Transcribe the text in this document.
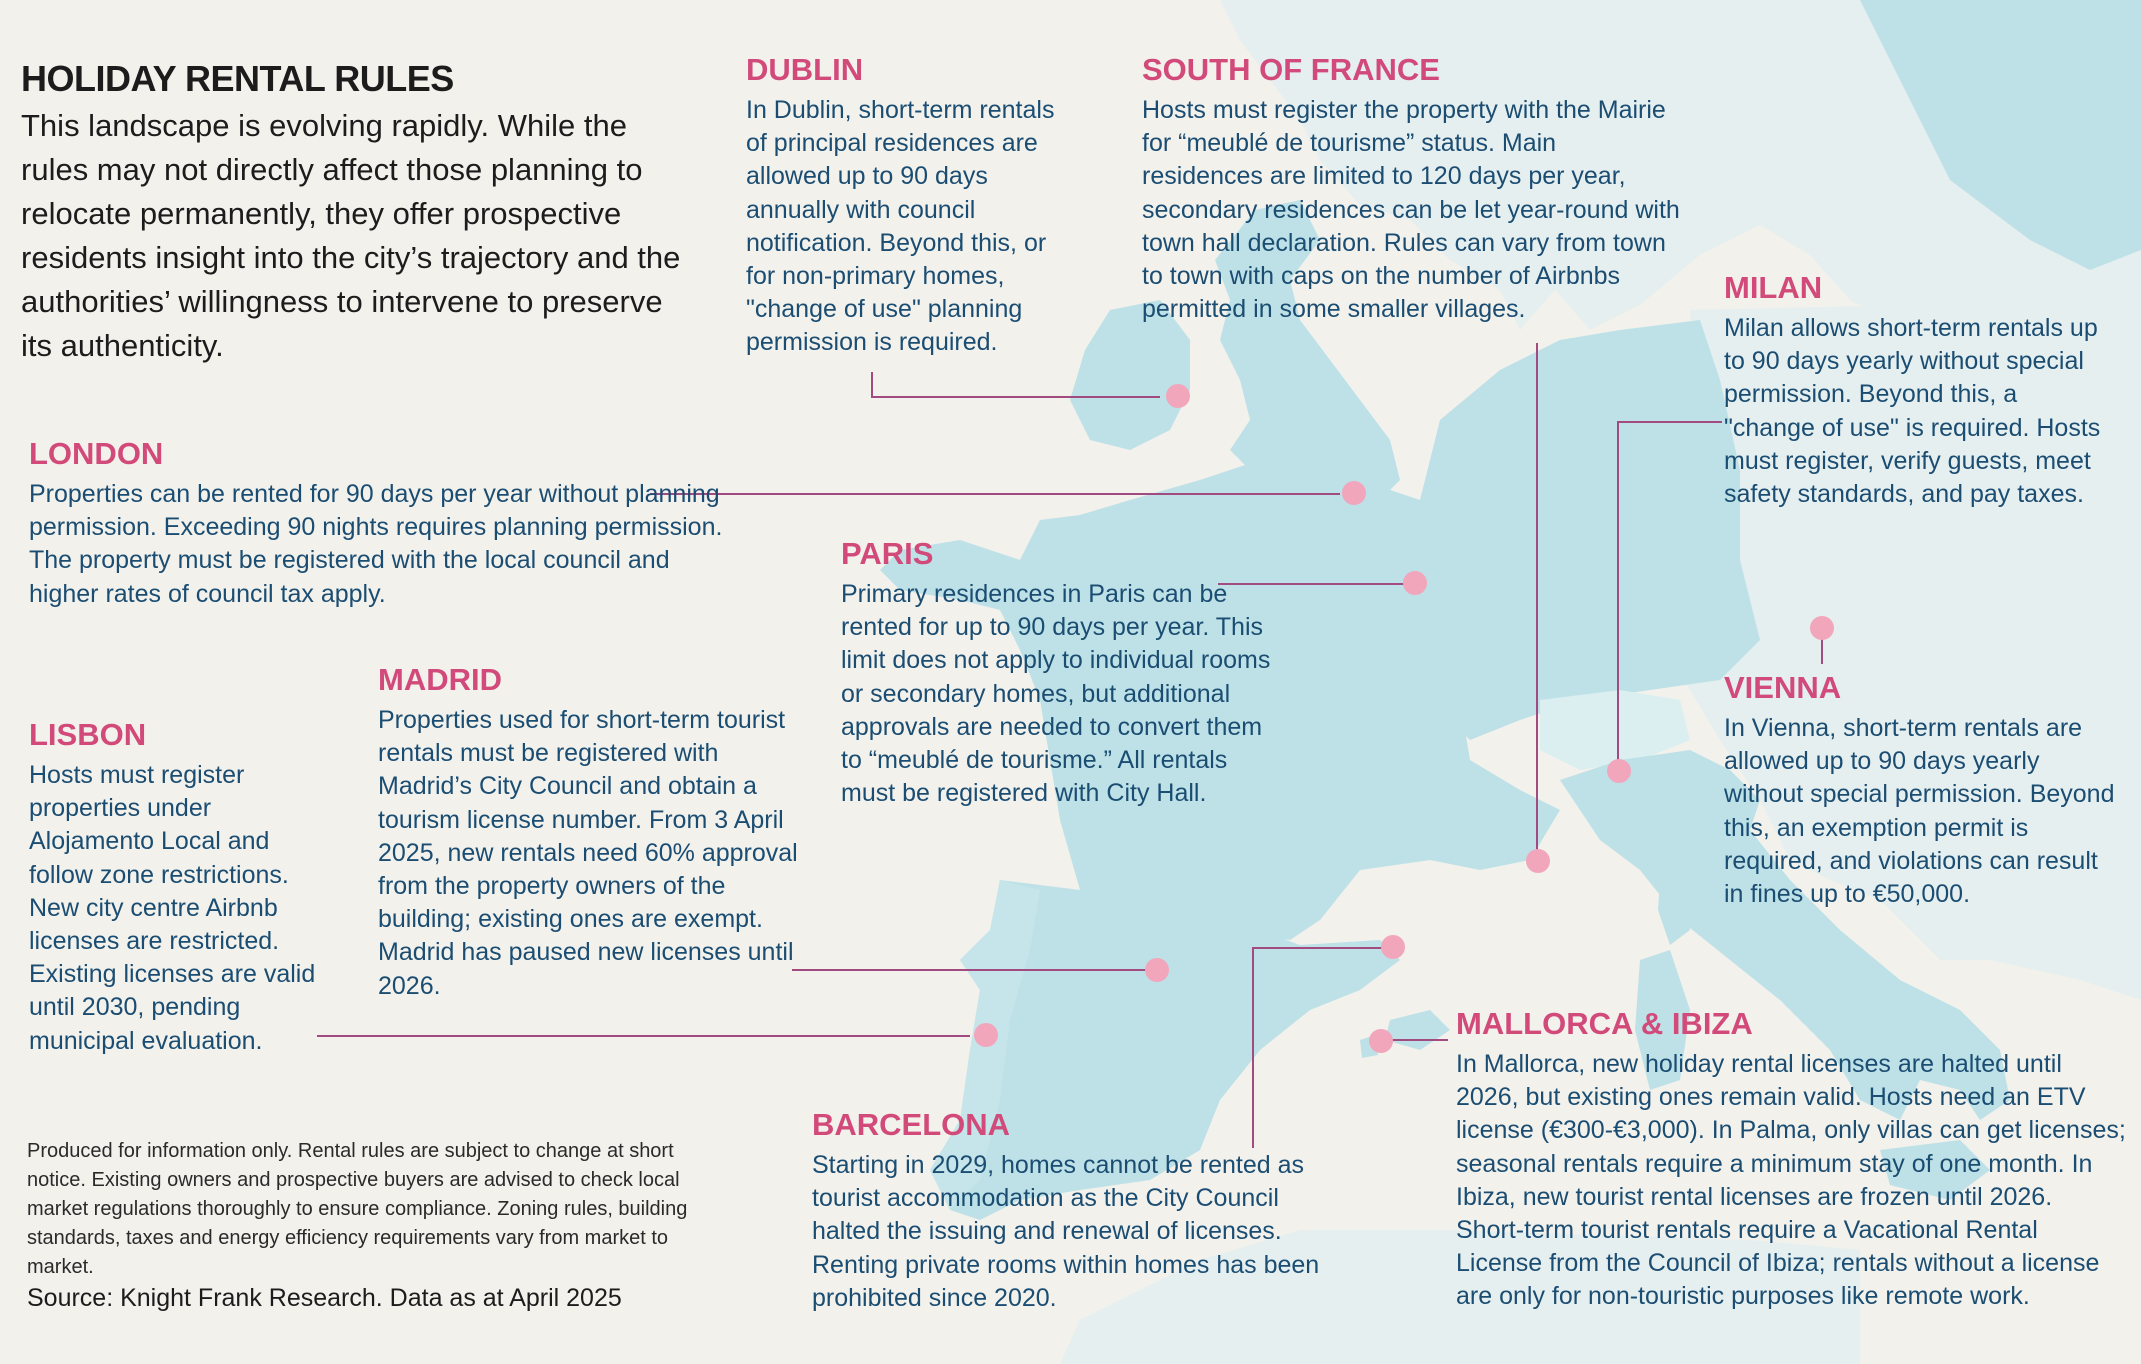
HOLIDAY RENTAL RULES
This landscape is evolving rapidly. While the rules may not directly affect those planning to relocate permanently, they offer prospective residents insight into the city’s trajectory and the authorities’ willingness to intervene to preserve its authenticity.
DUBLIN
In Dublin, short-term rentals of principal residences are allowed up to 90 days annually with council notification. Beyond this, or for non-primary homes, "change of use" planning permission is required.
SOUTH OF FRANCE
Hosts must register the property with the Mairie for “meublé de tourisme” status. Main residences are limited to 120 days per year, secondary residences can be let year-round with town hall declaration. Rules can vary from town to town with caps on the number of Airbnbs permitted in some smaller villages.
MILAN
Milan allows short-term rentals up to 90 days yearly without special permission. Beyond this, a "change of use" is required. Hosts must register, verify guests, meet safety standards, and pay taxes.
LONDON
Properties can be rented for 90 days per year without planning permission. Exceeding 90 nights requires planning permission. The property must be registered with the local council and higher rates of council tax apply.
PARIS
Primary residences in Paris can be rented for up to 90 days per year. This limit does not apply to individual rooms or secondary homes, but additional approvals are needed to convert them to “meublé de tourisme.” All rentals must be registered with City Hall.
VIENNA
In Vienna, short-term rentals are allowed up to 90 days yearly without special permission. Beyond this, an exemption permit is required, and violations can result in fines up to €50,000.
MADRID
Properties used for short-term tourist rentals must be registered with Madrid’s City Council and obtain a tourism license number. From 3 April 2025, new rentals need 60% approval from the property owners of the building; existing ones are exempt. Madrid has paused new licenses until 2026.
LISBON
Hosts must register properties under Alojamento Local and follow zone restrictions. New city centre Airbnb licenses are restricted. Existing licenses are valid until 2030, pending municipal evaluation.	MALLORCA & IBIZA
In Mallorca, new holiday rental licenses are halted until 2026, but existing ones remain valid. Hosts need an ETV license (€300-€3,000). In Palma, only villas can get licenses; seasonal rentals require a minimum stay of one month. In Ibiza, new tourist rental licenses are frozen until 2026. Short-term tourist rentals require a Vacational Rental License from the Council of Ibiza; rentals without a license are only for non-touristic purposes like remote work.
BARCELONA
Starting in 2029, homes cannot be rented as tourist accommodation as the City Council halted the issuing and renewal of licenses. Renting private rooms within homes has been prohibited since 2020.
Produced for information only. Rental rules are subject to change at short notice. Existing owners and prospective buyers are advised to check local market regulations thoroughly to ensure compliance. Zoning rules, building standards, taxes and energy efficiency requirements vary from market to market.
Source: Knight Frank Research. Data as at April 2025
